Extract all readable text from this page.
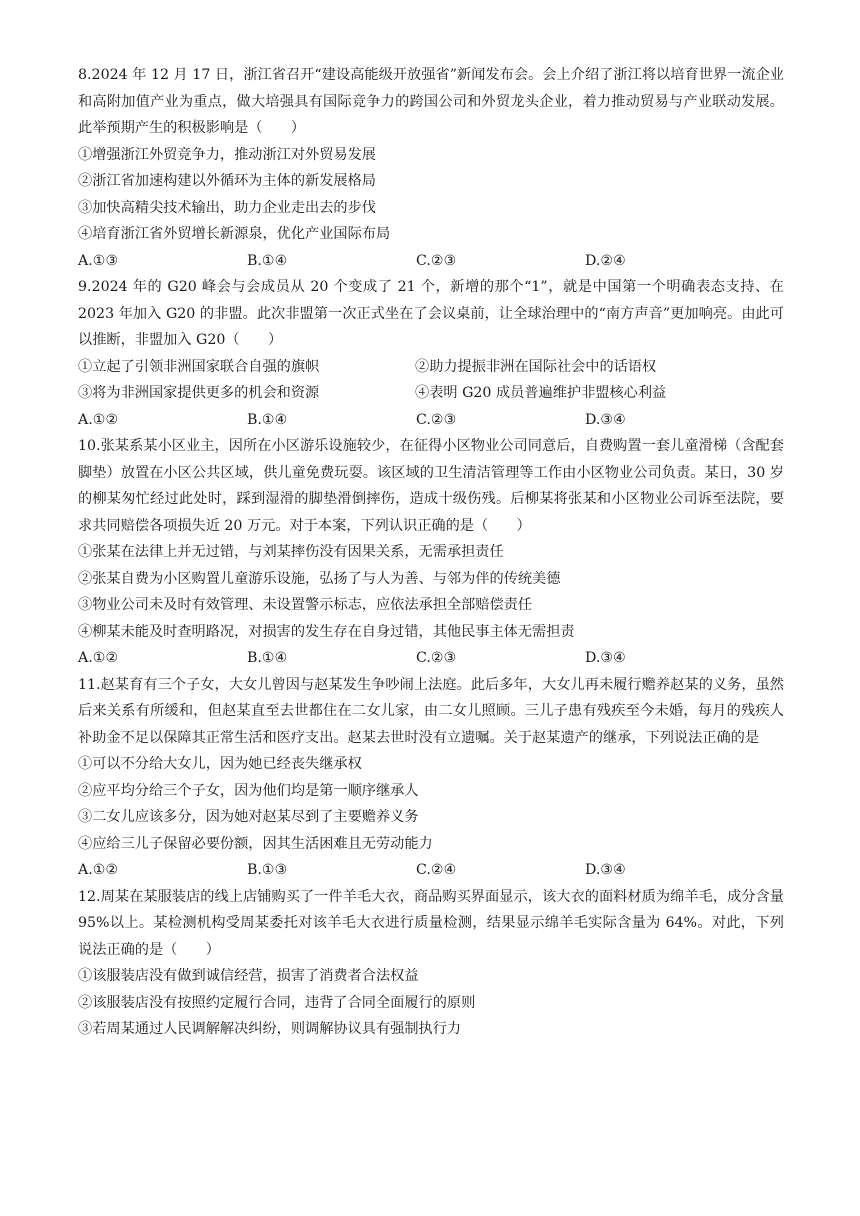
8.2024 年 12 月 17 日，浙江省召开“建设高能级开放强省”新闻发布会。会上介绍了浙江将以培育世界一流企业和高附加值产业为重点，做大培强具有国际竞争力的跨国公司和外贸龙头企业，着力推动贸易与产业联动发展。此举预期产生的积极影响是（　　）
①增强浙江外贸竞争力，推动浙江对外贸易发展
②浙江省加速构建以外循环为主体的新发展格局
③加快高精尖技术输出，助力企业走出去的步伐
④培育浙江省外贸增长新源泉，优化产业国际布局
A.①③	B.①④	C.②③	D.②④
9.2024 年的 G20 峰会与会成员从 20 个变成了 21 个，新增的那个“1”，就是中国第一个明确表态支持、在 2023 年加入 G20 的非盟。此次非盟第一次正式坐在了会议桌前，让全球治理中的“南方声音”更加响亮。由此可以推断，非盟加入 G20（　　）
①立起了引领非洲国家联合自强的旗帜	②助力提振非洲在国际社会中的话语权
③将为非洲国家提供更多的机会和资源	④表明 G20 成员普遍维护非盟核心利益
A.①②	B.①④	C.②③	D.③④
10.张某系某小区业主，因所在小区游乐设施较少，在征得小区物业公司同意后，自费购置一套儿童滑梯（含配套脚垫）放置在小区公共区域，供儿童免费玩耍。该区域的卫生清洁管理等工作由小区物业公司负责。某日，30 岁的柳某匆忙经过此处时，踩到湿滑的脚垫滑倒摔伤，造成十级伤残。后柳某将张某和小区物业公司诉至法院，要求共同赔偿各项损失近 20 万元。对于本案，下列认识正确的是（　　）
①张某在法律上并无过错，与刘某摔伤没有因果关系，无需承担责任
②张某自费为小区购置儿童游乐设施，弘扬了与人为善、与邻为伴的传统美德
③物业公司未及时有效管理、未设置警示标志，应依法承担全部赔偿责任
④柳某未能及时查明路况，对损害的发生存在自身过错，其他民事主体无需担责
A.①②	B.①④	C.②③	D.③④
11.赵某育有三个子女，大女儿曾因与赵某发生争吵闹上法庭。此后多年，大女儿再未履行赡养赵某的义务，虽然后来关系有所缓和，但赵某直至去世都住在二女儿家，由二女儿照顾。三儿子患有残疾至今未婚，每月的残疾人补助金不足以保障其正常生活和医疗支出。赵某去世时没有立遗嘱。关于赵某遗产的继承，下列说法正确的是
①可以不分给大女儿，因为她已经丧失继承权
②应平均分给三个子女，因为他们均是第一顺序继承人
③二女儿应该多分，因为她对赵某尽到了主要赡养义务
④应给三儿子保留必要份额，因其生活困难且无劳动能力
A.①②	B.①③	C.②④	D.③④
12.周某在某服装店的线上店铺购买了一件羊毛大衣，商品购买界面显示，该大衣的面料材质为绵羊毛，成分含量 95%以上。某检测机构受周某委托对该羊毛大衣进行质量检测，结果显示绵羊毛实际含量为 64%。对此，下列说法正确的是（　　）
①该服装店没有做到诚信经营，损害了消费者合法权益
②该服装店没有按照约定履行合同，违背了合同全面履行的原则
③若周某通过人民调解解决纠纷，则调解协议具有强制执行力
